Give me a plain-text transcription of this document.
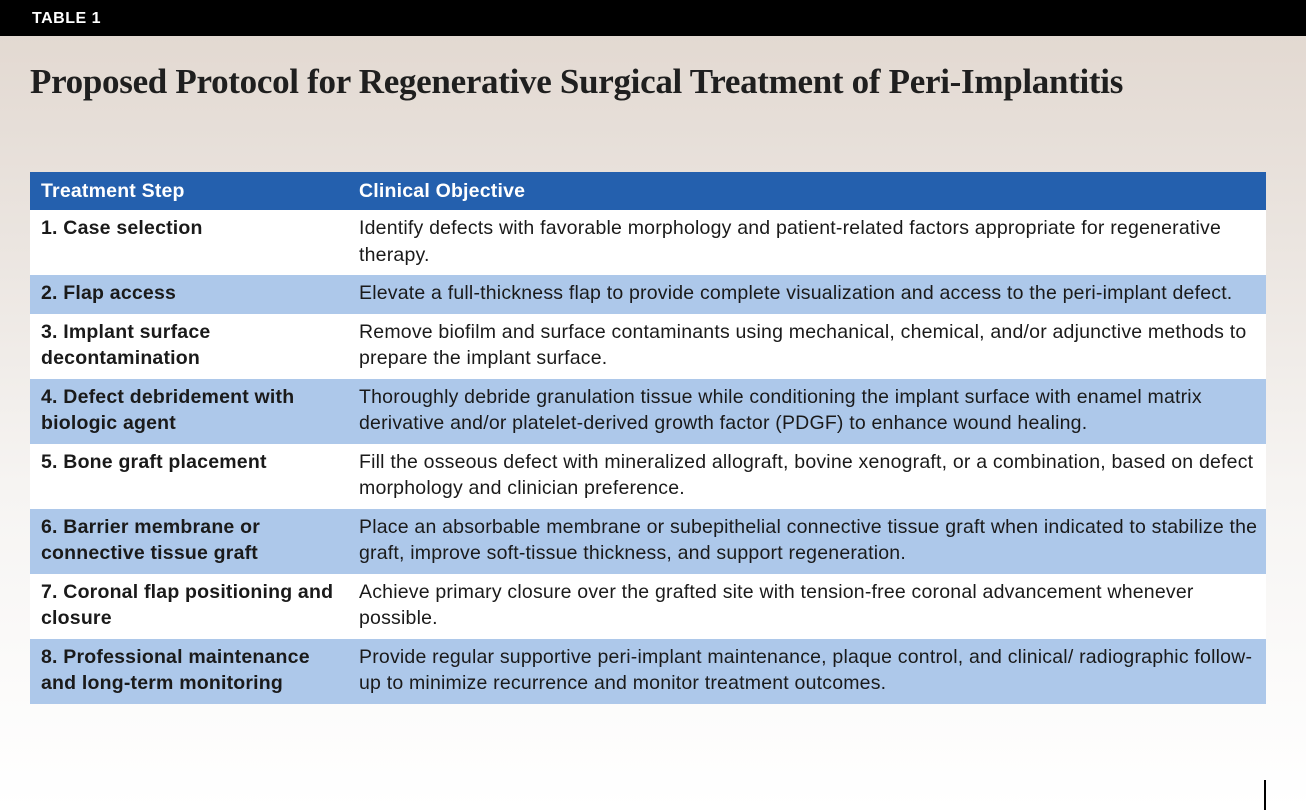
TABLE 1
Proposed Protocol for Regenerative Surgical Treatment of Peri-Implantitis
Treatment Step	Clinical Objective
1. Case selection	Identify defects with favorable morphology and patient-related factors appropriate for regenerative therapy.
2. Flap access	Elevate a full-thickness flap to provide complete visualization and access to the peri-implant defect.
3. Implant surface decontamination	Remove biofilm and surface contaminants using mechanical, chemical, and/or adjunctive methods to prepare the implant surface.
4. Defect debridement with biologic agent	Thoroughly debride granulation tissue while conditioning the implant surface with enamel matrix derivative and/or platelet-derived growth factor (PDGF) to enhance wound healing.
5. Bone graft placement	Fill the osseous defect with mineralized allograft, bovine xenograft, or a combination, based on defect morphology and clinician preference.
6. Barrier membrane or connective tissue graft	Place an absorbable membrane or subepithelial connective tissue graft when indicated to stabilize the graft, improve soft-tissue thickness, and support regeneration.
7. Coronal flap positioning and closure	Achieve primary closure over the grafted site with tension-free coronal advancement whenever possible.
8. Professional maintenance and long-term monitoring	Provide regular supportive peri-implant maintenance, plaque control, and clinical/ radiographic follow-up to minimize recurrence and monitor treatment outcomes.
